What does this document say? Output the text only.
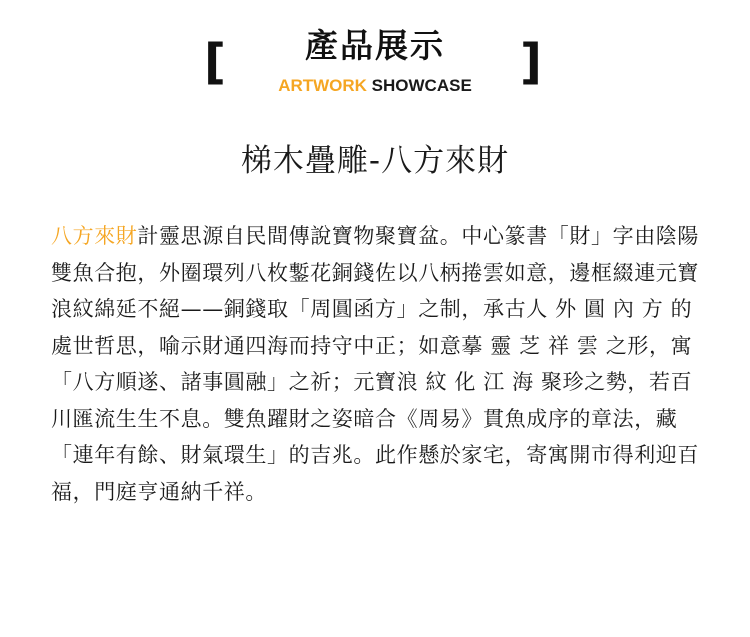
[	產品展示
ARTWORK SHOWCASE	]
梯木疊雕-八方來財

八方來財計靈思源自民間傳說寶物聚寶盆。中心篆書「財」字由陰陽雙魚合抱，外圈環列八枚鏨花銅錢佐以八柄捲雲如意，邊框綴連元寶浪紋綿延不絕——銅錢取「周圓函方」之制，承古人 外 圓 內 方 的處世哲思，喻示財通四海而持守中正；如意摹 靈 芝 祥 雲 之形，寓「八方順遂、諸事圓融」之祈；元寶浪 紋 化 江 海 聚珍之勢，若百川匯流生生不息。雙魚躍財之姿暗合《周易》貫魚成序的章法，藏「連年有餘、財氣環生」的吉兆。此作懸於家宅，寄寓開市得利迎百福，門庭亨通納千祥。
